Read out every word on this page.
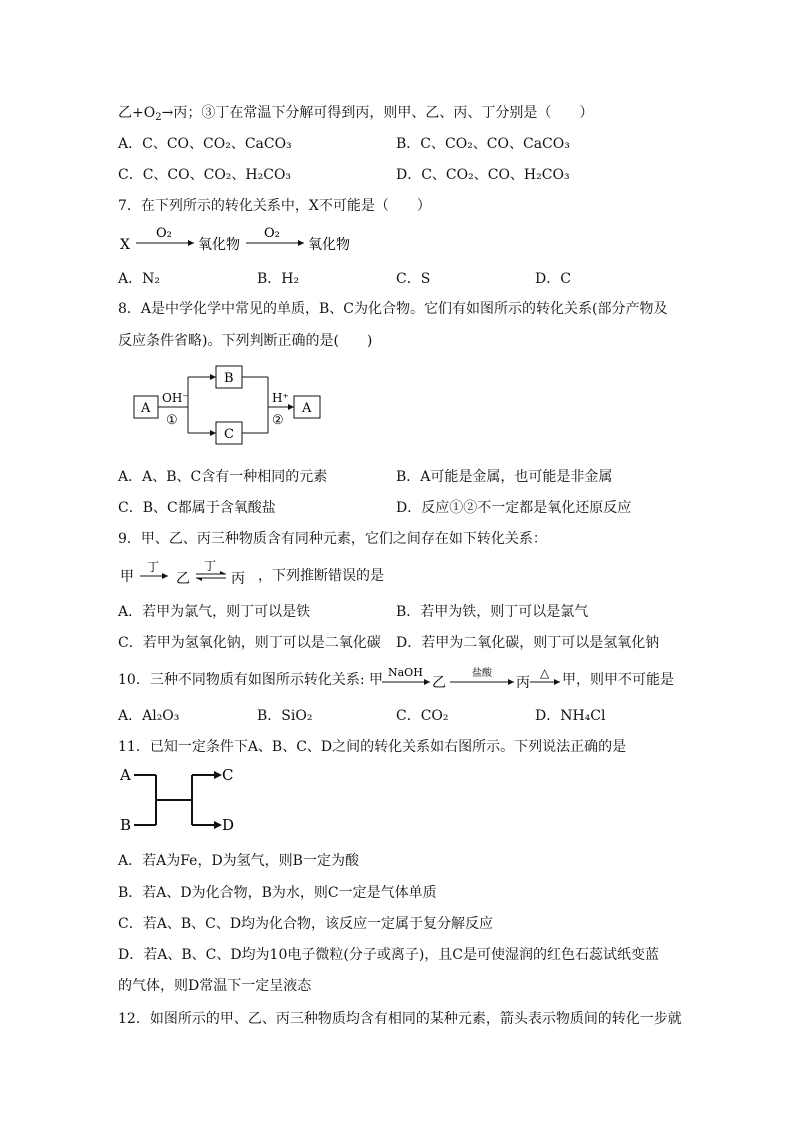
乙$+O_2\to$丙；③丁在常温下分解可得到丙，则甲、乙、丙、丁分别是（　　）
A．C、CO、CO₂、CaCO₃	B．C、CO₂、CO、CaCO₃
C．C、CO、CO₂、H₂CO₃	D．C、CO₂、CO、H₂CO₃
7．在下列所示的转化关系中，X不可能是（　　）
X
O₂
氧化物
O₂
氧化物
A．N₂	B．H₂	C．S	D．C
8．A是中学化学中常见的单质，B、C为化合物。它们有如图所示的转化关系(部分产物及
反应条件省略)。下列判断正确的是(　　)
A
OH⁻
①
B
C
H⁺
②
A
A．A、B、C含有一种相同的元素	B．A可能是金属，也可能是非金属
C．B、C都属于含氧酸盐	D．反应①②不一定都是氧化还原反应
9．甲、乙、丙三种物质含有同种元素，它们之间存在如下转化关系：
甲
丁
乙
丁
丙 ，下列推断错误的是
A．若甲为氯气，则丁可以是铁	B．若甲为铁，则丁可以是氯气
C．若甲为氢氧化钠，则丁可以是二氧化碳 D．若甲为二氧化碳，则丁可以是氢氧化钠
10．三种不同物质有如图所示转化关系: 甲 NaOH
乙
盐酸
丙
△ 甲，则甲不可能是
A．Al₂O₃	B．SiO₂	C．CO₂	D．NH₄Cl
11．已知一定条件下A、B、C、D之间的转化关系如右图所示。下列说法正确的是
A
B
C
D
A．若A为Fe，D为氢气，则B一定为酸
B．若A、D为化合物，B为水，则C一定是气体单质
C．若A、B、C、D均为化合物，该反应一定属于复分解反应
D．若A、B、C、D均为10电子微粒(分子或离子)，且C是可使湿润的红色石蕊试纸变蓝
的气体，则D常温下一定呈液态
12．如图所示的甲、乙、丙三种物质均含有相同的某种元素，箭头表示物质间的转化一步就
